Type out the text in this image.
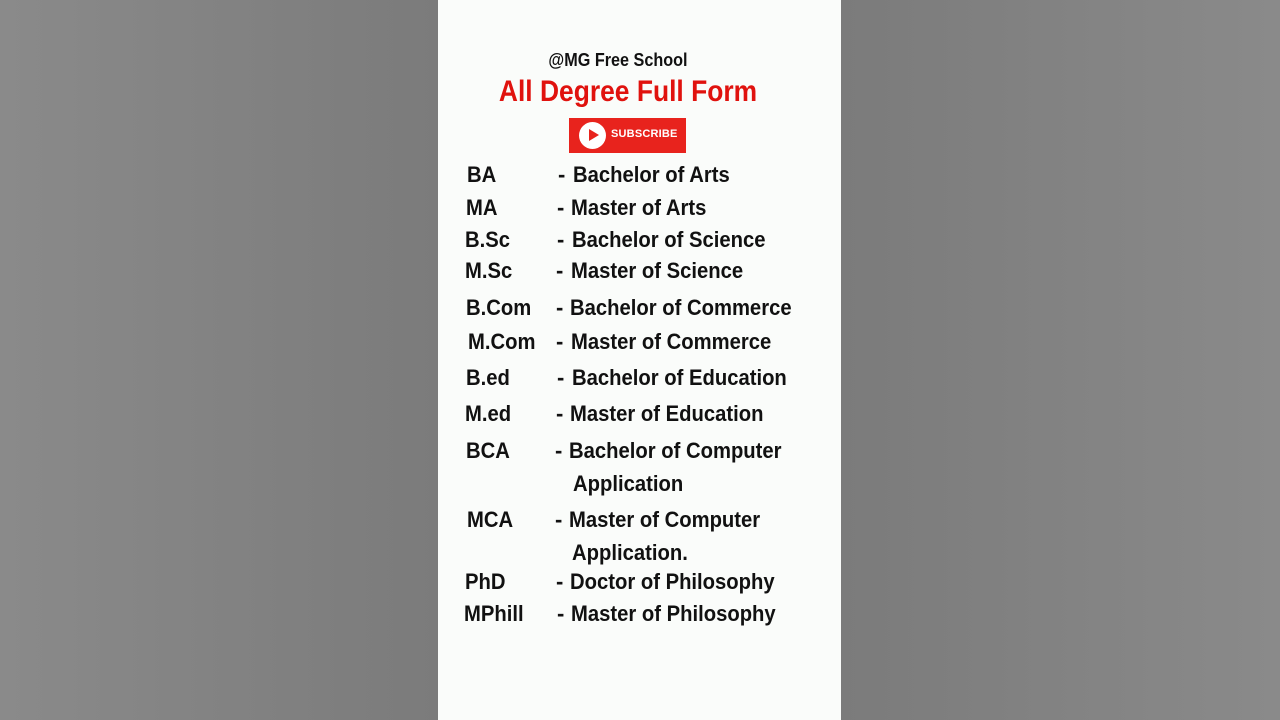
@MG Free School
All Degree Full Form
SUBSCRIBE
BA	- Bachelor of Arts
MA	- Master of Arts
B.Sc - Bachelor of Science
M.Sc - Master of Science
B.Com - Bachelor of Commerce
M.Com - Master of Commerce
B.ed - Bachelor of Education
M.ed - Master of Education
BCA - Bachelor of Computer
Application
MCA - Master of Computer
Application.
PhD - Doctor of Philosophy
MPhill - Master of Philosophy
